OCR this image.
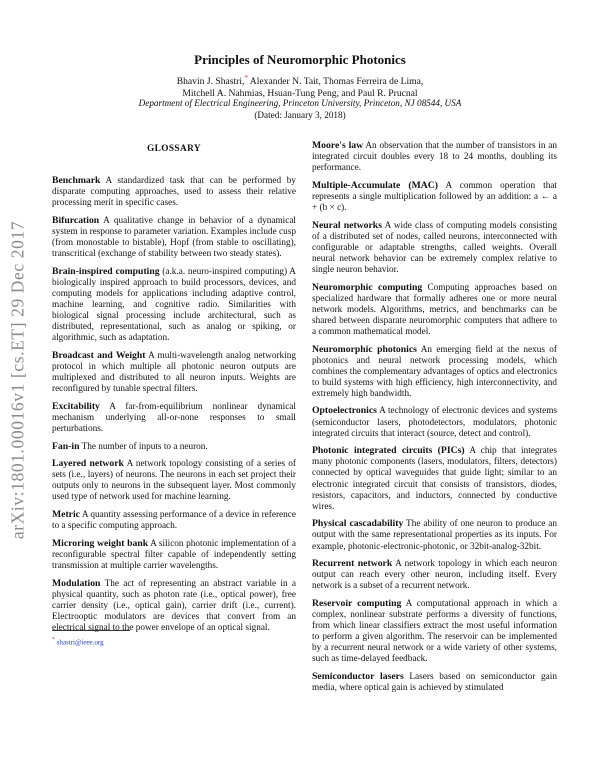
arXiv:1801.00016v1 [cs.ET] 29 Dec 2017
Principles of Neuromorphic Photonics
Bhavin J. Shastri,* Alexander N. Tait, Thomas Ferreira de Lima,
Mitchell A. Nahmias, Hsuan-Tung Peng, and Paul R. Prucnal
Department of Electrical Engineering, Princeton University, Princeton, NJ 08544, USA
(Dated: January 3, 2018)
GLOSSARY
Benchmark A standardized task that can be performed by disparate computing approaches, used to assess their relative processing merit in specific cases.
Bifurcation A qualitative change in behavior of a dynamical system in response to parameter variation. Examples include cusp (from monostable to bistable), Hopf (from stable to oscillating), transcritical (exchange of stability between two steady states).
Brain-inspired computing (a.k.a. neuro-inspired computing) A biologically inspired approach to build processors, devices, and computing models for applications including adaptive control, machine learning, and cognitive radio. Similarities with biological signal processing include architectural, such as distributed, representational, such as analog or spiking, or algorithmic, such as adaptation.
Broadcast and Weight A multi-wavelength analog networking protocol in which multiple all photonic neuron outputs are multiplexed and distributed to all neuron inputs. Weights are reconfigured by tunable spectral filters.
Excitability A far-from-equilibrium nonlinear dynamical mechanism underlying all-or-none responses to small perturbations.
Fan-in The number of inputs to a neuron.
Layered network A network topology consisting of a series of sets (i.e., layers) of neurons. The neurons in each set project their outputs only to neurons in the subsequent layer. Most commonly used type of network used for machine learning.
Metric A quantity assessing performance of a device in reference to a specific computing approach.
Microring weight bank A silicon photonic implementation of a reconfigurable spectral filter capable of independently setting transmission at multiple carrier wavelengths.
Modulation The act of representing an abstract variable in a physical quantity, such as photon rate (i.e., optical power), free carrier density (i.e., optical gain), carrier drift (i.e., current). Electrooptic modulators are devices that convert from an electrical signal to the power envelope of an optical signal.
* shastri@ieee.org
Moore's law An observation that the number of transistors in an integrated circuit doubles every 18 to 24 months, doubling its performance.
Multiple-Accumulate (MAC) A common operation that represents a single multiplication followed by an addition: a ← a + (b × c).
Neural networks A wide class of computing models consisting of a distributed set of nodes, called neurons, interconnected with configurable or adaptable strengths, called weights. Overall neural network behavior can be extremely complex relative to single neuron behavior.
Neuromorphic computing Computing approaches based on specialized hardware that formally adheres one or more neural network models. Algorithms, metrics, and benchmarks can be shared between disparate neuromorphic computers that adhere to a common mathematical model.
Neuromorphic photonics An emerging field at the nexus of photonics and neural network processing models, which combines the complementary advantages of optics and electronics to build systems with high efficiency, high interconnectivity, and extremely high bandwidth.
Optoelectronics A technology of electronic devices and systems (semiconductor lasers, photodetectors, modulators, photonic integrated circuits that interact (source, detect and control).
Photonic integrated circuits (PICs) A chip that integrates many photonic components (lasers, modulators, filters, detectors) connected by optical waveguides that guide light; similar to an electronic integrated circuit that consists of transistors, diodes, resistors, capacitors, and inductors, connected by conductive wires.
Physical cascadability The ability of one neuron to produce an output with the same representational properties as its inputs. For example, photonic-electronic-photonic, or 32bit-analog-32bit.
Recurrent network A network topology in which each neuron output can reach every other neuron, including itself. Every network is a subset of a recurrent network.
Reservoir computing A computational approach in which a complex, nonlinear substrate performs a diversity of functions, from which linear classifiers extract the most useful information to perform a given algorithm. The reservoir can be implemented by a recurrent neural network or a wide variety of other systems, such as time-delayed feedback.
Semiconductor lasers Lasers based on semiconductor gain media, where optical gain is achieved by stimulated
